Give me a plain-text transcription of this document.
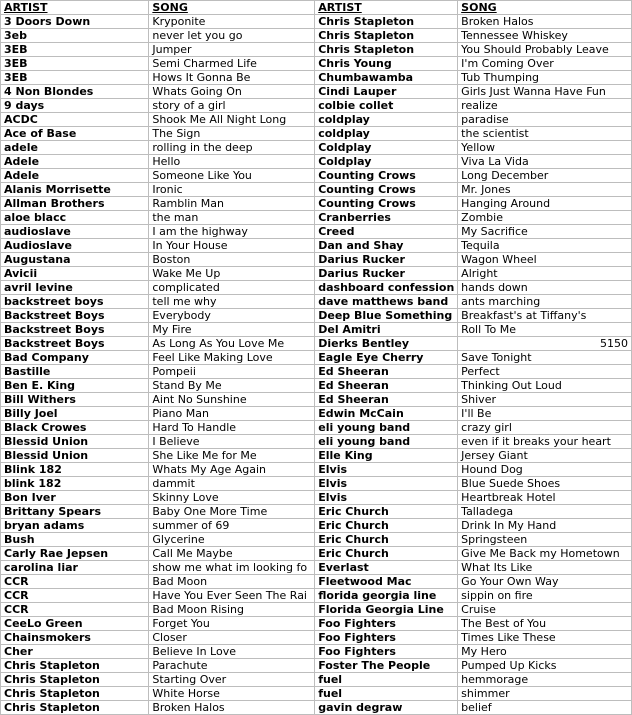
ARTIST	SONG	ARTIST	SONG
3 Doors Down	Kryponite	Chris Stapleton	Broken Halos
3eb	never let you go	Chris Stapleton	Tennessee Whiskey
3EB	Jumper	Chris Stapleton	You Should Probably Leave
3EB	Semi Charmed Life	Chris Young	I'm Coming Over
3EB	Hows It Gonna Be	Chumbawamba	Tub Thumping
4 Non Blondes	Whats Going On	Cindi Lauper	Girls Just Wanna Have Fun
9 days	story of a girl	colbie collet	realize
ACDC	Shook Me All Night Long	coldplay	paradise
Ace of Base	The Sign	coldplay	the scientist
adele	rolling in the deep	Coldplay	Yellow
Adele	Hello	Coldplay	Viva La Vida
Adele	Someone Like You	Counting Crows	Long December
Alanis Morrisette	Ironic	Counting Crows	Mr. Jones
Allman Brothers	Ramblin Man	Counting Crows	Hanging Around
aloe blacc	the man	Cranberries	Zombie
audioslave	I am the highway	Creed	My Sacrifice
Audioslave	In Your House	Dan and Shay	Tequila
Augustana	Boston	Darius Rucker	Wagon Wheel
Avicii	Wake Me Up	Darius Rucker	Alright
avril levine	complicated	dashboard confession	hands down
backstreet boys	tell me why	dave matthews band	ants marching
Backstreet Boys	Everybody	Deep Blue Something	Breakfast's at Tiffany's
Backstreet Boys	My Fire	Del Amitri	Roll To Me
Backstreet Boys	As Long As You Love Me	Dierks Bentley	5150
Bad Company	Feel Like Making Love	Eagle Eye Cherry	Save Tonight
Bastille	Pompeii	Ed Sheeran	Perfect
Ben E. King	Stand By Me	Ed Sheeran	Thinking Out Loud
Bill Withers	Aint No Sunshine	Ed Sheeran	Shiver
Billy Joel	Piano Man	Edwin McCain	I'll Be
Black Crowes	Hard To Handle	eli young band	crazy girl
Blessid Union	I Believe	eli young band	even if it breaks your heart
Blessid Union	She Like Me for Me	Elle King	Jersey Giant
Blink 182	Whats My Age Again	Elvis	Hound Dog
blink 182	dammit	Elvis	Blue Suede Shoes
Bon Iver	Skinny Love	Elvis	Heartbreak Hotel
Brittany Spears	Baby One More Time	Eric Church	Talladega
bryan adams	summer of 69	Eric Church	Drink In My Hand
Bush	Glycerine	Eric Church	Springsteen
Carly Rae Jepsen	Call Me Maybe	Eric Church	Give Me Back my Hometown
carolina liar	show me what im looking fo	Everlast	What Its Like
CCR	Bad Moon	Fleetwood Mac	Go Your Own Way
CCR	Have You Ever Seen The Rai	florida georgia line	sippin on fire
CCR	Bad Moon Rising	Florida Georgia Line	Cruise
CeeLo Green	Forget You	Foo Fighters	The Best of You
Chainsmokers	Closer	Foo Fighters	Times Like These
Cher	Believe In Love	Foo Fighters	My Hero
Chris Stapleton	Parachute	Foster The People	Pumped Up Kicks
Chris Stapleton	Starting Over	fuel	hemmorage
Chris Stapleton	White Horse	fuel	shimmer
Chris Stapleton	Broken Halos	gavin degraw	belief
